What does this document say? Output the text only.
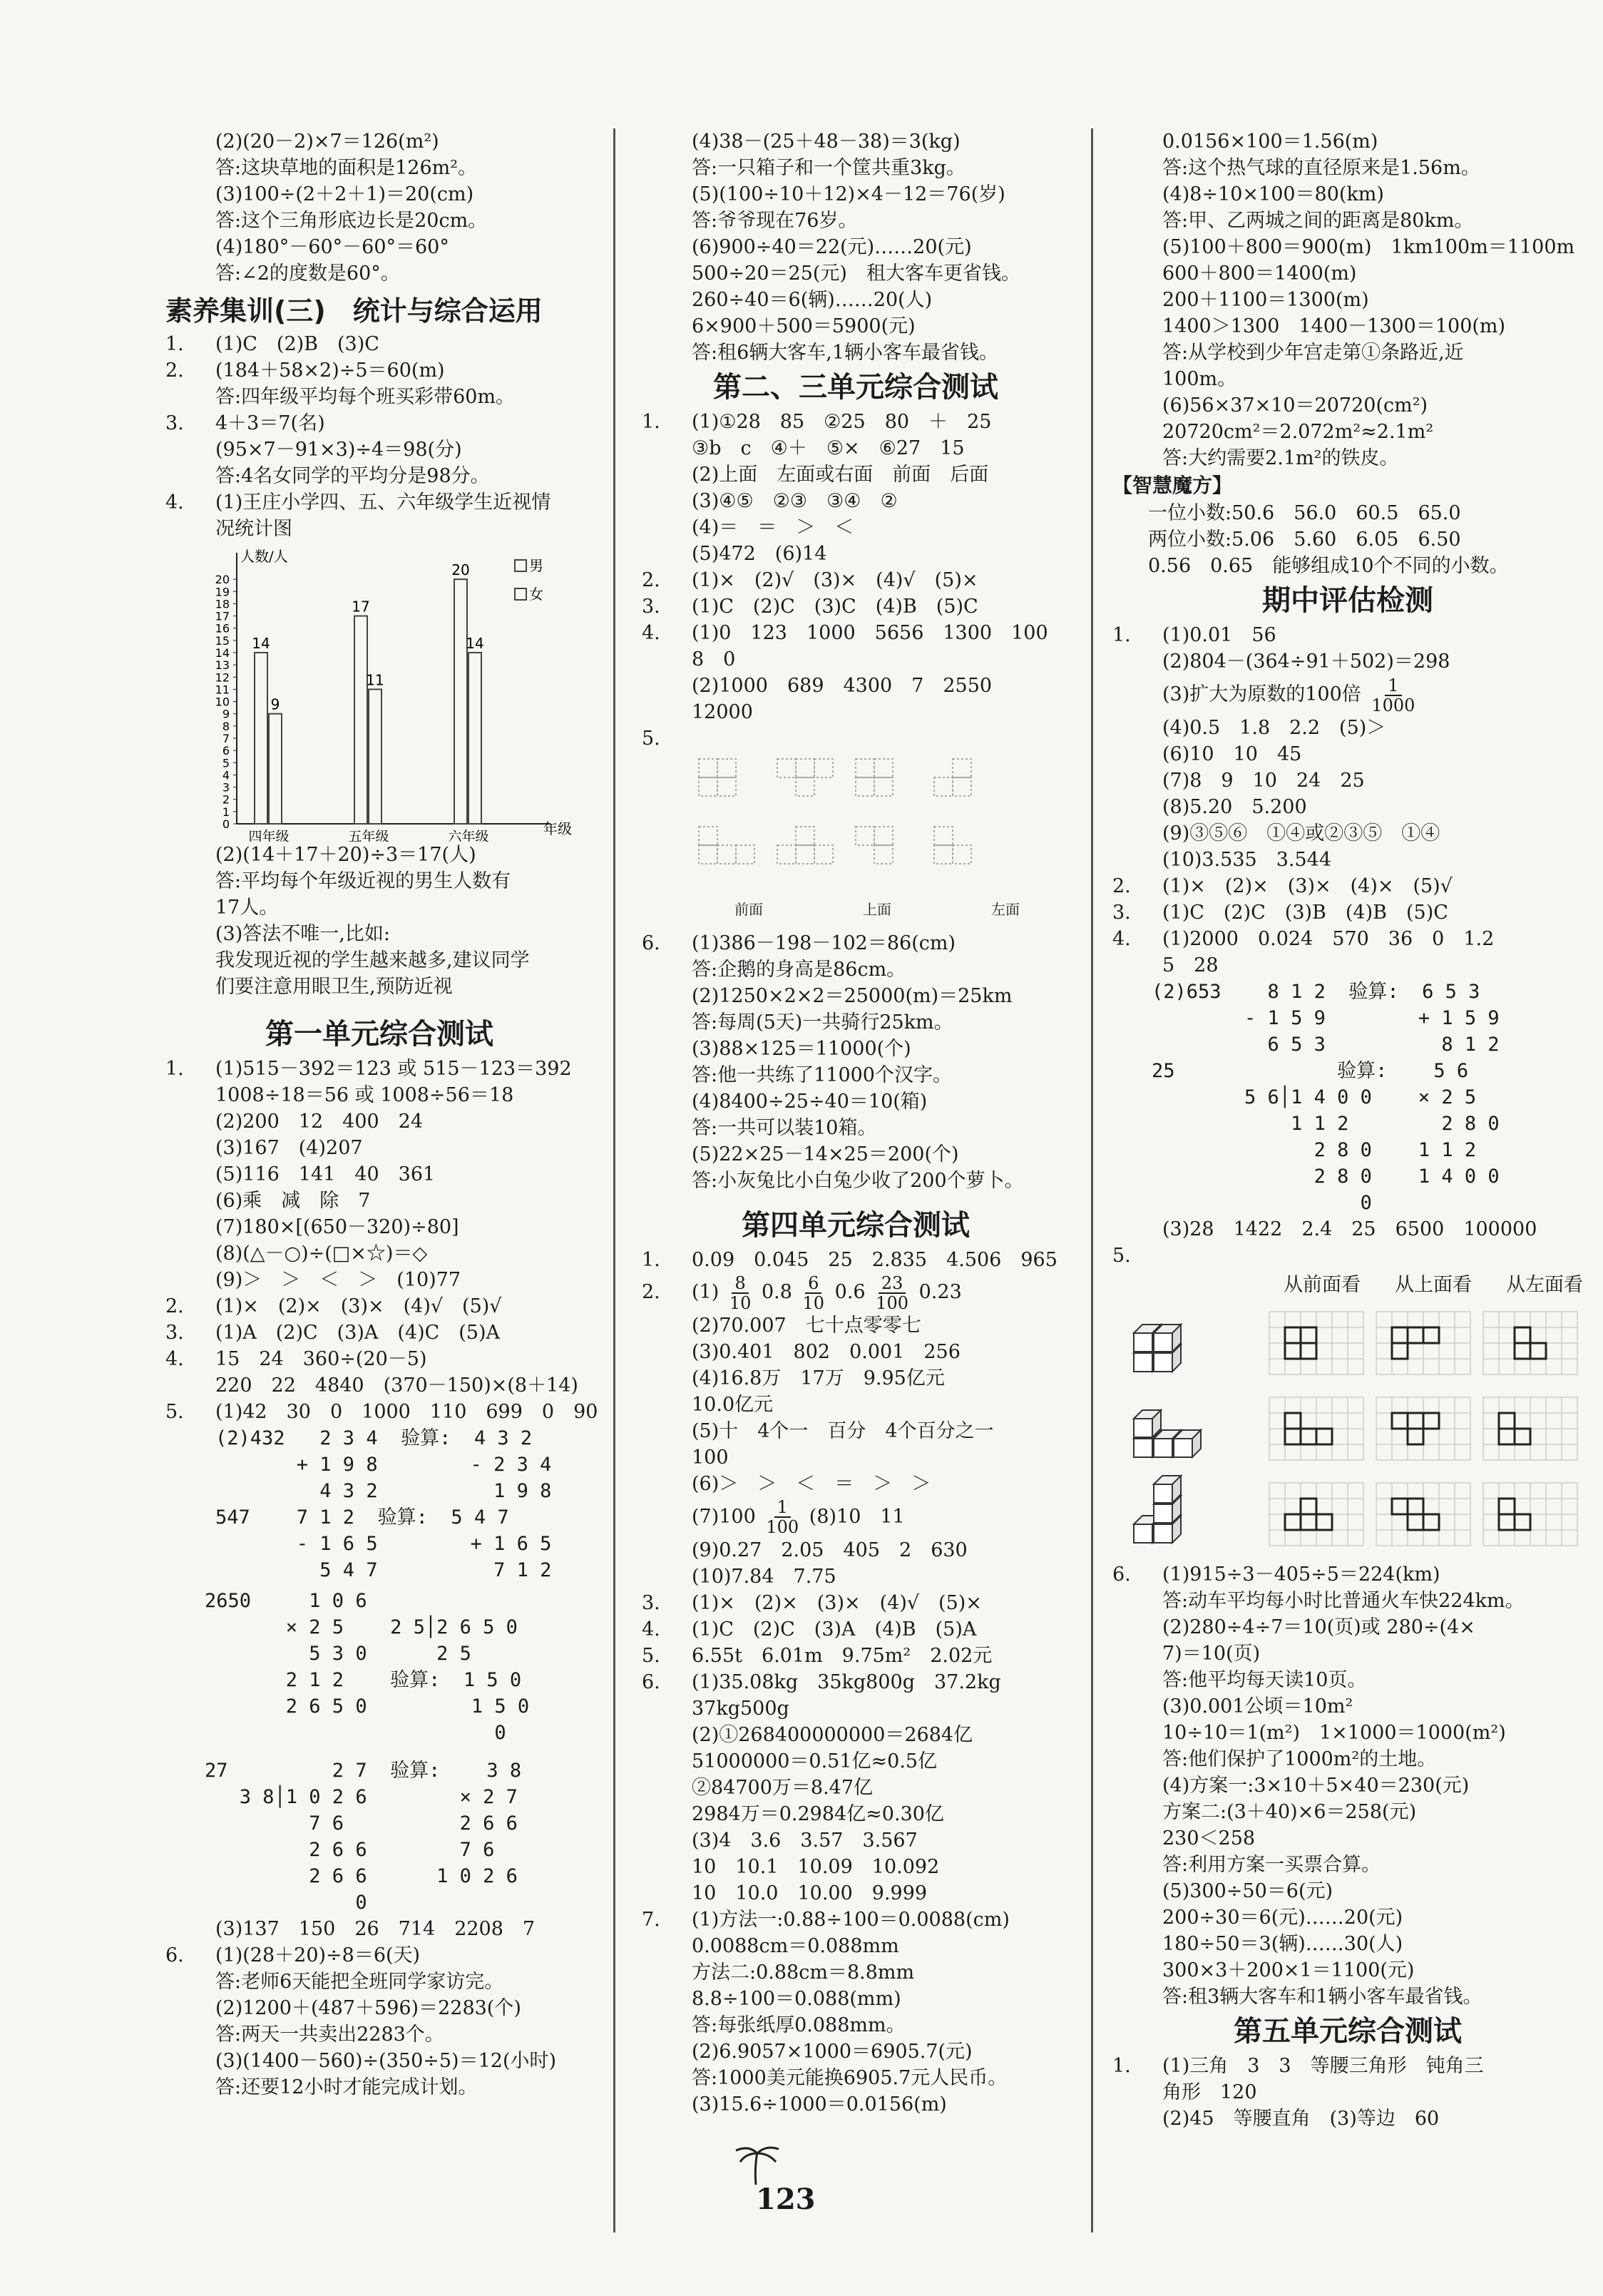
(2)(20－2)×7＝126(m²)
答:这块草地的面积是126m²。
(3)100÷(2＋2＋1)＝20(cm)
答:这个三角形底边长是20cm。
(4)180°－60°－60°＝60°
答:∠2的度数是60°。
素养集训(三)　统计与综合运用
1. (1)C　(2)B　(3)C
2. (184＋58×2)÷5＝60(m)
答:四年级平均每个班买彩带60m。
3. 4＋3＝7(名)
(95×7－91×3)÷4＝98(分)
答:4名女同学的平均分是98分。
4. (1)王庄小学四、五、六年级学生近视情
况统计图
人数/人
年级
0
1
2
3
4
5
6
7
8
9
10
11
12
13
14
15
16
17
18
19
20
14
9
四年级
17
11
五年级
20
14
六年级
男
女
(2)(14＋17＋20)÷3＝17(人)
答:平均每个年级近视的男生人数有
17人。
(3)答法不唯一,比如:
我发现近视的学生越来越多,建议同学
们要注意用眼卫生,预防近视
第一单元综合测试
1. (1)515－392＝123 或 515－123＝392
1008÷18＝56 或 1008÷56＝18
(2)200　12　400　24
(3)167　(4)207
(5)116　141　40　361
(6)乘　减　除　7
(7)180×[(650－320)÷80]
(8)(△－○)÷(□×☆)＝◇
(9)＞　＞　＜　＞　(10)77
2. (1)×　(2)×　(3)×　(4)√　(5)√
3. (1)A　(2)C　(3)A　(4)C　(5)A
4. 15　24　360÷(20－5)
220　22　4840　(370－150)×(8＋14)
5. (1)42　30　0　1000　110　699　0　90
(2)432   2 3 4  验算:  4 3 2
+ 1 9 8        - 2 3 4
4 3 2          1 9 8
547    7 1 2  验算:  5 4 7
- 1 6 5        + 1 6 5
5 4 7          7 1 2
2650     1 0 6
× 2 5    2 5│2 6 5 0
5 3 0      2 5
2 1 2    验算:  1 5 0
2 6 5 0         1 5 0
0
27         2 7  验算:    3 8
3 8│1 0 2 6        × 2 7
7 6          2 6 6
2 6 6        7 6
2 6 6      1 0 2 6
0
(3)137　150　26　714　2208　7
6. (1)(28＋20)÷8＝6(天)
答:老师6天能把全班同学家访完。
(2)1200＋(487＋596)＝2283(个)
答:两天一共卖出2283个。
(3)(1400－560)÷(350÷5)＝12(小时)
答:还要12小时才能完成计划。
(4)38－(25＋48－38)＝3(kg)
答:一只箱子和一个筐共重3kg。
(5)(100÷10＋12)×4－12＝76(岁)
答:爷爷现在76岁。
(6)900÷40＝22(元)……20(元)
500÷20＝25(元)　租大客车更省钱。
260÷40＝6(辆)……20(人)
6×900＋500＝5900(元)
答:租6辆大客车,1辆小客车最省钱。
第二、三单元综合测试
1. (1)①28　85　②25　80　＋　25
③b　c　④＋　⑤×　⑥27　15
(2)上面　左面或右面　前面　后面
(3)④⑤　②③　③④　②
(4)＝　＝　＞　＜
(5)472　(6)14
2. (1)×　(2)√　(3)×　(4)√　(5)×
3. (1)C　(2)C　(3)C　(4)B　(5)C
4. (1)0　123　1000　5656　1300　100
8　0
(2)1000　689　4300　7　2550
12000
5.
前面	上面	左面
6. (1)386－198－102＝86(cm)
答:企鹅的身高是86cm。
(2)1250×2×2＝25000(m)＝25km
答:每周(5天)一共骑行25km。
(3)88×125＝11000(个)
答:他一共练了11000个汉字。
(4)8400÷25÷40＝10(箱)
答:一共可以装10箱。
(5)22×25－14×25＝200(个)
答:小灰兔比小白兔少收了200个萝卜。
第四单元综合测试
1. 0.09　0.045　25　2.835　4.506　965
2. $(1) \frac{8}{10} 0.8 \frac{6}{10} 0.6 \frac{23}{100} 0.23$
(2)70.007　七十点零零七
(3)0.401　802　0.001　256
(4)16.8万　17万　9.95亿元
10.0亿元
(5)十　4个一　百分　4个百分之一
100
(6)＞　＞　＜　＝　＞　＞
$(7)100 \frac{1}{100} (8)10$　11
(9)0.27　2.05　405　2　630
(10)7.84　7.75
3. (1)×　(2)×　(3)×　(4)√　(5)×
4. (1)C　(2)C　(3)A　(4)B　(5)A
5. 6.55t　6.01m　9.75m²　2.02元
6. (1)35.08kg　35kg800g　37.2kg
37kg500g
(2)①268400000000＝2684亿
51000000＝0.51亿≈0.5亿
②84700万＝8.47亿
2984万＝0.2984亿≈0.30亿
(3)4　3.6　3.57　3.567
10　10.1　10.09　10.092
10　10.0　10.00　9.999
7. (1)方法一:0.88÷100＝0.0088(cm)
0.0088cm＝0.088mm
方法二:0.88cm＝8.8mm
8.8÷100＝0.088(mm)
答:每张纸厚0.088mm。
(2)6.9057×1000＝6905.7(元)
答:1000美元能换6905.7元人民币。
(3)15.6÷1000＝0.0156(m)
0.0156×100＝1.56(m)
答:这个热气球的直径原来是1.56m。
(4)8÷10×100＝80(km)
答:甲、乙两城之间的距离是80km。
(5)100＋800＝900(m)　1km100m＝1100m
600＋800＝1400(m)
200＋1100＝1300(m)
1400＞1300　1400－1300＝100(m)
答:从学校到少年宫走第①条路近,近
100m。
(6)56×37×10＝20720(cm²)
20720cm²＝2.072m²≈2.1m²
答:大约需要2.1m²的铁皮。
【智慧魔方】
一位小数:50.6　56.0　60.5　65.0
两位小数:5.06　5.60　6.05　6.50
0.56　0.65　能够组成10个不同的小数。
期中评估检测
1. (1)0.01　56
(2)804－(364÷91＋502)＝298
(3)扩大为原数的100倍 $\frac{1}{1000}$
(4)0.5　1.8　2.2　(5)＞
(6)10　10　45
(7)8　9　10　24　25
(8)5.20　5.200
(9)③⑤⑥　①④或②③⑤　①④
(10)3.535　3.544
2. (1)×　(2)×　(3)×　(4)×　(5)√
3. (1)C　(2)C　(3)B　(4)B　(5)C
4. (1)2000　0.024　570　36　0　1.2
5　28
(2)653    8 1 2  验算:  6 5 3
- 1 5 9        + 1 5 9
6 5 3          8 1 2
25              验算:    5 6
5 6│1 4 0 0    × 2 5
1 1 2        2 8 0
2 8 0    1 1 2
2 8 0    1 4 0 0
0
(3)28　1422　2.4　25　6500　100000
5.
从前面看 从上面看 从左面看
6. (1)915÷3－405÷5＝224(km)
答:动车平均每小时比普通火车快224km。
(2)280÷4÷7＝10(页)或 280÷(4×
7)＝10(页)
答:他平均每天读10页。
(3)0.001公顷＝10m²
10÷10＝1(m²)　1×1000＝1000(m²)
答:他们保护了1000m²的土地。
(4)方案一:3×10＋5×40＝230(元)
方案二:(3＋40)×6＝258(元)
230＜258
答:利用方案一买票合算。
(5)300÷50＝6(元)
200÷30＝6(元)……20(元)
180÷50＝3(辆)……30(人)
300×3＋200×1＝1100(元)
答:租3辆大客车和1辆小客车最省钱。
第五单元综合测试
1. (1)三角　3　3　等腰三角形　钝角三
角形　120
(2)45　等腰直角　(3)等边　60
123
